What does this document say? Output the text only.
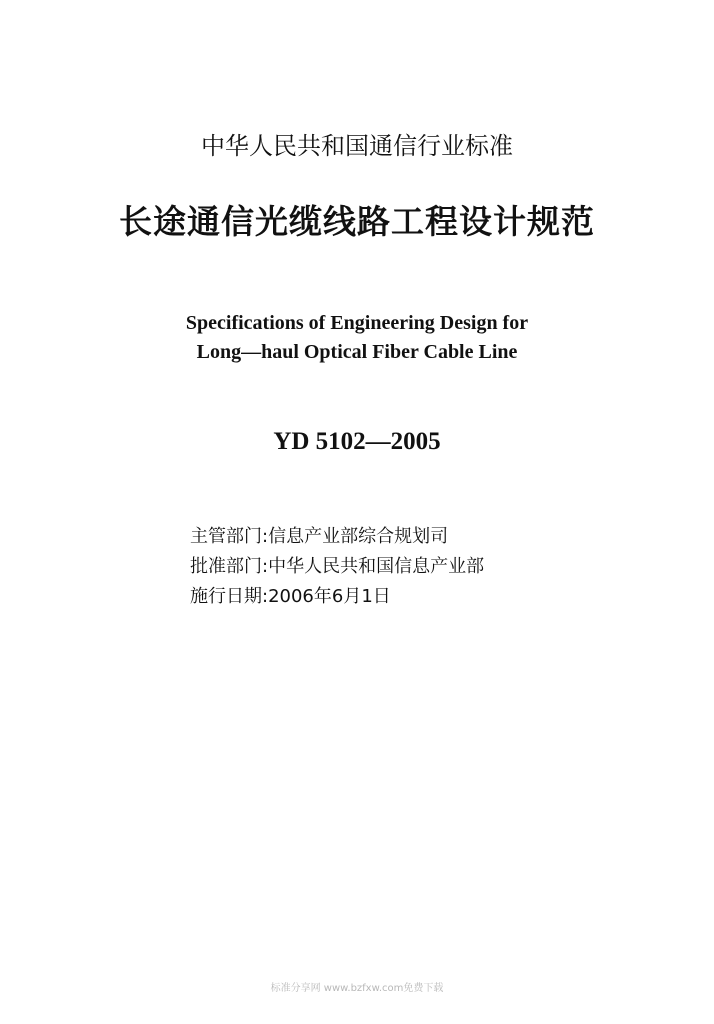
中华人民共和国通信行业标准
长途通信光缆线路工程设计规范
Specifications of Engineering Design for
Long—haul Optical Fiber Cable Line
YD 5102—2005
主管部门:信息产业部综合规划司
批准部门:中华人民共和国信息产业部
施行日期:2006年6月1日
标准分享网 www.bzfxw.com免费下载
